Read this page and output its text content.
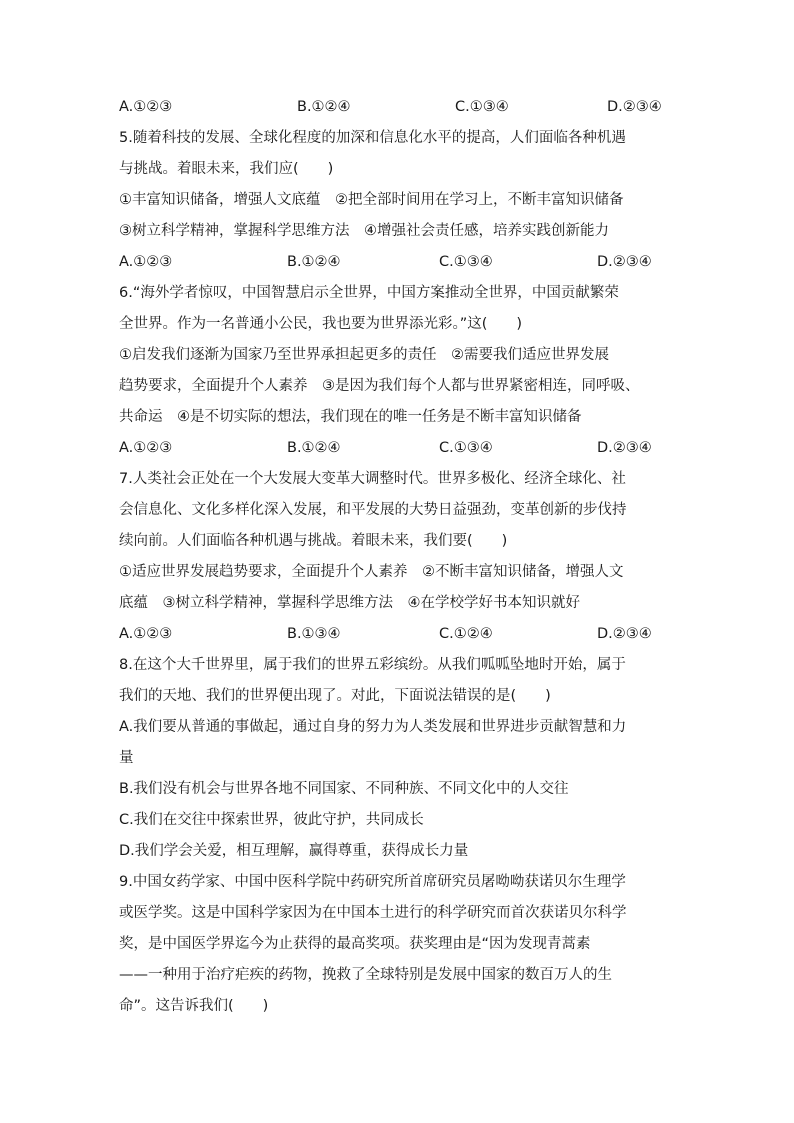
A.①②③	B.①②④	C.①③④	D.②③④
5.随着科技的发展、全球化程度的加深和信息化水平的提高，人们面临各种机遇
与挑战。着眼未来，我们应(　　)
①丰富知识储备，增强人文底蕴　②把全部时间用在学习上，不断丰富知识储备
③树立科学精神，掌握科学思维方法　④增强社会责任感，培养实践创新能力
A.①②③	B.①②④	C.①③④	D.②③④
6.“海外学者惊叹，中国智慧启示全世界，中国方案推动全世界，中国贡献繁荣
全世界。作为一名普通小公民，我也要为世界添光彩。”这(　　)
①启发我们逐渐为国家乃至世界承担起更多的责任　②需要我们适应世界发展
趋势要求，全面提升个人素养　③是因为我们每个人都与世界紧密相连，同呼吸、
共命运　④是不切实际的想法，我们现在的唯一任务是不断丰富知识储备
A.①②③	B.①②④	C.①③④	D.②③④
7.人类社会正处在一个大发展大变革大调整时代。世界多极化、经济全球化、社
会信息化、文化多样化深入发展，和平发展的大势日益强劲，变革创新的步伐持
续向前。人们面临各种机遇与挑战。着眼未来，我们要(　　)
①适应世界发展趋势要求，全面提升个人素养　②不断丰富知识储备，增强人文
底蕴　③树立科学精神，掌握科学思维方法　④在学校学好书本知识就好
A.①②③	B.①③④	C.①②④	D.②③④
8.在这个大千世界里，属于我们的世界五彩缤纷。从我们呱呱坠地时开始，属于
我们的天地、我们的世界便出现了。对此，下面说法错误的是(　　)
A.我们要从普通的事做起，通过自身的努力为人类发展和世界进步贡献智慧和力
量
B.我们没有机会与世界各地不同国家、不同种族、不同文化中的人交往
C.我们在交往中探索世界，彼此守护，共同成长
D.我们学会关爱，相互理解，赢得尊重，获得成长力量
9.中国女药学家、中国中医科学院中药研究所首席研究员屠呦呦获诺贝尔生理学
或医学奖。这是中国科学家因为在中国本土进行的科学研究而首次获诺贝尔科学
奖，是中国医学界迄今为止获得的最高奖项。获奖理由是“因为发现青蒿素
——一种用于治疗疟疾的药物，挽救了全球特别是发展中国家的数百万人的生
命”。这告诉我们(　　)
